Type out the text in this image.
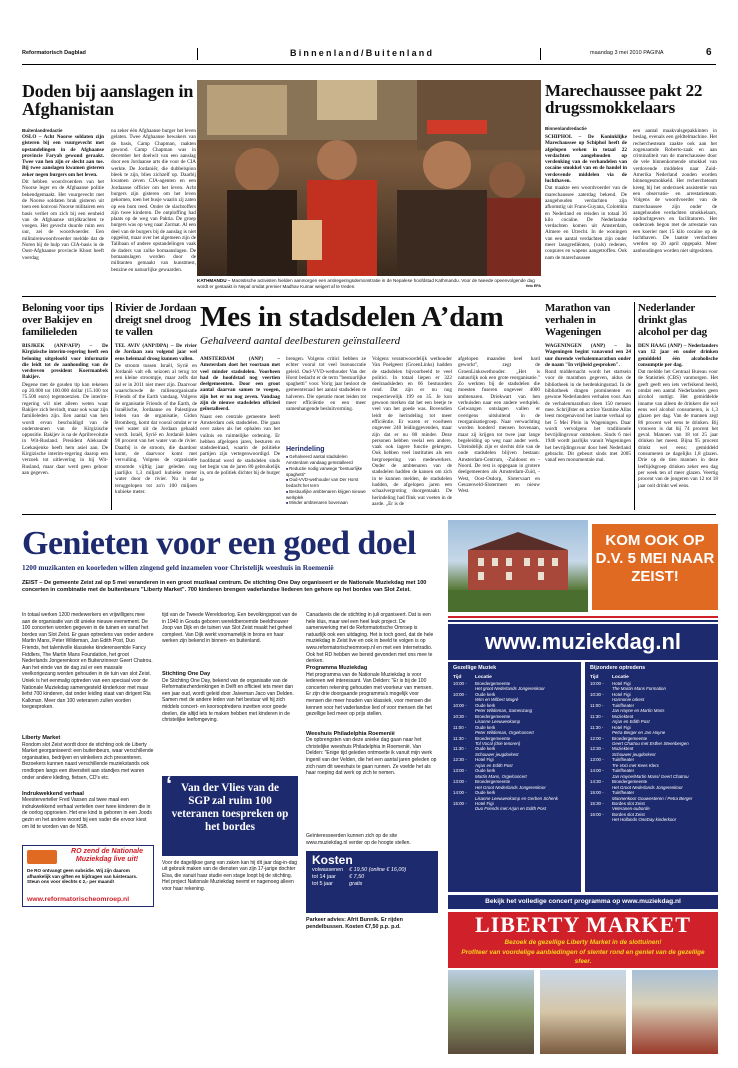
Reformatorisch Dagblad	Binnenland/Buitenland	maandag 3 mei 2010 PAGINA	6
Doden bij aanslagen in Afghanistan
Buitenlandredactie

OSLO – Acht Noorse soldaten zijn gisteren bij een vuurgevecht met opstandelingen in de Afghaanse provincie Faryab gewond geraakt. Twee van hen zijn er slecht aan toe. Bij twee aanslagen kwamen gisteren zeker negen burgers om het leven.

Dit hebben woordvoerders van het Noorse leger en de Afghaanse politie bekendgemaakt. Het vuurgevecht met de Noorse soldaten brak gisteren uit toen een konvooi Noorse militairen een basis verliet om zich bij een eenheid van de Afghaanse strijdkrachten te voegen. Het gevecht duurde ruim een uur, zei de woordvoerder. Een militairenwoordvoerder meldde dat de Noren bij de hulp van CIA-basis in de Oost-Afghaanse provincie Khost heeft voerdag

na zeker één Afghaanse burger het leven gelaten. Twee Afghaanse bewakers van de basis, Camp Chapman, raakten gewond. Camp Chapman was in december het doelwit van een aanslag door een Jordaanse arts die voor de CIA werkte. De Jordaniër, die dubbelspion bleek te zijn, blies zichzelf op. Daarbij kwamen zeven CIA-agenten en een Jordaanse officier om het leven. Acht burgers zijn gisteren om het leven gekomen, toen het busje waarin zij zaten op een bom reed. Onder de slachtoffers zijn twee kinderen. De ontploffing had plaats op de weg van Paktia. De groep burgers was op weg naar Zormat. Al een deel van de burgers bij de aanslag is niet opgeëist, maar over het algemeen zijn de Talibaan of andere opstandelingen vaak de daders van zulke bomaanslagen. De bomaanslagen worden door de militanten gemaakt van kunstmest, benzine en natuurlijke gewaarden.

KATHMANDU – Maoïstische activisten hielden aanmorgen een antiregeringsdemonstratie in de Nepalese hoofdstad Kathmandu. Voor de tweede opeenvolgende dag wordt er gestaakt in Nepal omdat premier Madhav Kumar weigert af te treden.	foto EPA
Marechaussee pakt 22 drugssmokkelaars
Binnenlandredactie

SCHIPHOL – De Koninklijke Marechaussee op Schiphol heeft de afgelopen weken in totaal 22 verdachten aangehouden op verdenking van de verhandelen van cocaïne smokkel van en de handel in verdovende middelen via de luchthaven.

Dat maakte een woordvoerder van de marechaussee zaterdag bekend. De aangehouden verdachten zijn afkomstig uit Frans-Guyana, Colombia en Nederland en reisden in totaal 36 kilo cocaïne. De Nederlandse verdachten komen uit Amsterdam, Almere en Utrecht. In de woningen van een aantal verdachten zijn onder meer lasogrediënten, (vals) redenen, coupures en wapens aangetroffen. Ook nam de marechaussee

een aantal maakvalsgepakkinten in beslag, evenals een geldtelmachine. Het recherchesteam zaakte ook aan het zogenaamde Roberto-zaak en aan criminaliteit van de marechaussee door de vele binnenkomende smokkel van verdovende middelen naar Zuid-Amerika Nederland zouden worden binnengesmokkeld. Het rechercheteam kreeg bij het onderzoek assistentie van een observatie- en arrestatieteam. Volgens de woordvoerder van de marechaussee zijn onder de aangehouden verdachten smokkelaars, opdrachtgevers en facilitatoren. Het onderzoek begon met de arrestatie van een koerier met 15 kilo cocaïne op de luchthaven. De laatste verdachten werden op 20 april opgepakt. Meer aanhoudingen worden niet uitgesloten.

Beloning voor tips over Bakijev en familieleden

BISJKEK (ANP/AFP) – De Kirgizische interim-regering heeft een beloning uitgeloofd voor informatie die leidt tot de aanhouding van de verdreven president Koermanbek Bakijev.

Degene met de gouden tip kan rekenen op 20.000 tot 100.000 dollar (15.100 tot 75.500 euro) tegemoetzien. De interim-regering wil niet alleen weten waar Bakijev zich bevindt, maar ook waar zijn familieleden zijn. Een aantal van hen wordt ervan beschuldigd van de ondersteunen van de Kirgizische oppositie. Bakijev is na de Aprilrevolutie in Wit-Rusland. President Aleksandr Loekasjenko heeft hem asiel aan. De Kirgizische interim-regering daarop een verzoek tot uitlevering in bij Wit-Rusland, maar daar werd geen gehoor aan gegeven.

Rivier de Jordaan dreigt snel droog te vallen

TEL AVIV (ANP/DPA) – De rivier de Jordaan zou volgend jaar wel eens helemaal droog kunnen vallen.

De stroom tussen Israël, Syrië en Jordanië valt elk seizoen al terug tot een kleine stroompje, maar zelfs dat zal er in 2011 niet meer zijn. Daarvoor waarschuwde de milieuorganisatie Friends of the Earth vandaag. Volgens de organisatie Friends of the Earth, de Israëlische, Jordaanse en Palestijnse leden van de organisatie, Gidon Bromberg, komt dat vooral omdat er te veel water uit de Jordaan gehaald wordt. Israël, Syrië en Jordanië halen 98 procent van het water van de rivier. Daarbij is de stroom, die daardoor komt, de daarvoor komt met vervuiling. Volgens de organisatie stroomde vijftig jaar geleden nog jaarlijks 1,3 miljard kubieke meter water door de rivier. Nu is dat teruggelopen tot zo'n 100 miljoen kubieke meter.

Mes in stadsdelen A’dam
Gehalveerd aantal deelbesturen geïnstalleerd

AMSTERDAM (ANP) – Amsterdam doet het voortaan met veel minder stadsdelen. Voorheen had de hoofdstad nog veertien deelgemeenten. Door een groot aantal daarvan samen te voegen, zijn het er nu nog zeven. Vandaag zijn de nieuwe stadsdelen officieel geïnstalleerd.

Naast een centrale gemeente heeft Amsterdam ook stadsdelen. Die gaan over zaken als het ophalen van het vuilnis en ruimtelijke ordening. Er hebben afgelopen jaren, besturen en stadsdeelraad, waarin de politieke partijen zijn vertegenwoordigd. De hoofdstad werd de stadsdelen sinds het begin van de jaren 80 gebruikelijk in, om de politiek dichter bij de burger te

brengen. Volgens critici hebben ze echter vooral tot veel bureaucratie geleid. Oud-VVD-wethouder Van der Horst bedacht er de term "bestuurlijke spaghetti" voor. Vorig jaar besloot de gemeenteraad het aantal stadsdelen te halveren. Die operatie moet leiden tot meer efficiëntie en een meer samenhangende besluitvorming.

Herindeling
■ Gehalveerd aantal stadsdelen Amsterdam vandaag geïnstalleerd
■ Reductie nodig vanwege "bestuurlijke spaghetti"
■ Oud-VVD-wethouder van Der Horst bedacht het term
■ Bestuurlijke ambtenaren krijgen nieuwe werkplek
■ Minder ambtenaren bovenaan

Volgens verantwoordelijk wethouder Van Poelgeest (GroenLinks) hadden de stadsdelen bijvoorbeeld te veel politici. In totaal liepen er 322 deelraadsleden en 66 bestuurders rond. Dat zijn er nu nog respectievelijk 199 en 35. Je kon gewoon merken dat het een beetje te veel van het goede was. Bovendien leidt de herindeling tot meer efficiëntie. Er waren er voorheen ongeveer 240 leidinggevenden, maar zijn dat er nu 80 minder. Deze personen hebben veelal een andere, vaak ook lagere functie gekregen. Ook hebben veel instituties als een hergroepering van medewerkers. Onder de ambtenaren van de stadsdelen hadden de kansen om zich in te kunnen melden, de stadsdelen hadden, de afgelopen jaren een schaalvergroting doorgemaakt. De herindeling had flink wat voeten in de aarde. „Er is de

afgelopen maanden heel hard geworkt", zegt de GroenLinkswethouder. „Het is natuurlijk ook een grote reorganisatie." Zo werkten bij de stadsdelen die moesten fuseren ongeveer 4000 ambtenaren. Driekwart van hen verhuisden naar een andere werkplek. Gelwangen ontslagen vallen er overigens uitsluitend in de reorganisatiegroep. Naar verwachting worden honderd mensen bovenaan, maar zij krijgen tot twee jaar lange begeleiding op weg naar ander werk. Uiteindelijk zijn er slechts drie van de oude stadsdelen blijven bestaan: Amsterdam-Centrum, -Zuidoost en -Noord. De rest is opgegaan in grotere deelgemeenten als Amsterdam-Zuid, -West, Oost-Osdorp, Slotervaart en Geuzenveld-Slotermeer en nieuw West.

Marathon van verhalen in Wageningen

WAGENINGEN (ANP) – In Wageningen begint vanavond een 24 uur durende verhalenmarathon onder de naam "In vrijheid gesproken".

Rond middernacht wordt het startsein voor de marathon gegeven, aldus de bibliotheek in de herdenkingsstad. In de bibliotheek dragen prominenten en gewone Nederlanders verhalen voor. Aan de verhalenmarathon doen 150 mensen mee. Schrijfster en actrice Yasmine Allas leest morgenavond het laatste verhaal op het 5 Mei Plein in Wageningen. Daar wordt vervolgens het traditionele bevrijdingsvuur ontstoken. Sinds 6 mei 1946 wordt jaarlijks vanuit Wageningen het bevrijdingsvuur door heel Nederland gebracht. Dit gebeurt sinds met 2005 vanaf een monumentale mal.

Nederlander drinkt glas alcohol per dag

DEN HAAG (ANP) – Nederlanders van 12 jaar en ouder drinken gemiddeld één alcoholische consumptie per dag.

Dat meldde het Centraal Bureau voor de Statistiek (CBS) vanmorgen. Het geeft geeft een iets verfeikend beeld, omdat een aantal Nederlanders geen alcohol nuttigt. Het gemiddelde inname van alleen de drinkers die wel eens wel alcohol consumeren, is 1,3 glazen per dag. Van de mannen zegt 86 procent wel eens te drinken. Bij vrouwen is dat bij 74 procent het geval. Mannen van 18 tot 25 jaar drinken het meest. Bijna 95 procent drinkt wel eens; gemiddeld consumeren ze dagelijks 1,8 glazen. Drie op de tien mannen in deze leeftijdsgroep drinken zeker een dag per week ten of meer glazen. Veertig procent van de jongeren van 12 tot 18 jaar ooit drinkt wel eens.

Genieten voor een goed doel
1200 muzikanten en koorleden willen zingend geld inzamelen voor Christelijk weeshuis in Roemenië
ZEIST – De gemeente Zeist zal op 5 mei veranderen in een groot muzikaal centrum. De stichting One Day organiseert er de Nationale Muziekdag met 100 concerten in combinatie met de buitenbeurs "Liberty Market". 700 kinderen brengen vaderlandse liederen ten gehore op het bordes van Slot Zeist.

In totaal werken 1200 medewerkers en vrijwilligers mee aan de organisatie van dit unieke nieuwe evenement. De 100 concerten worden gegeven in de tuinen en vanaf het bordes van Slot Zeist. Er gaan optredens van onder andere Martin Mans, Peter Wildeman, Jan Edith Post, Duo Friends, het talentvolle klassieke kinderensemble Fancy Fiddlers, The Martin Mans Foundation, het groot Nederlands Jongerenkoor en Buitenzinnezr Geert Chatrou. Aan het einde van de dag zal er een massale veelkorigezang worden gehouden in de tuin van slot Zeist. Uniek is het eenmalig optreden van een speciaal voor de Nationale Muziekdag samengesteld kinderkoor met maar liefst 700 kinderen, dat onder leiding staat van dirigent Ria Kalkman. Meer dan 100 veteranen zullen worden toegesproken.

Liberty Market

Rondom slot Zeist wordt door de stichting ook de Liberty Market georganiseerd: een buitenbeurs, waar verschillende organisaties, bedrijven en winkeliers zich presenteren. Bezoekers kunnen naast verschillende muziekstands ook rondlopen langs een diversiteit aan standjes met waren onder andere kleding, fietsen, CD's etc.

Indrukwekkend verhaal

Meesterverteller Fred Vassen zal twee maal een indrukwekkend verhaal vertellen over twee kinderen die in de oorlog opgroeien. Het ene kind is geboren in een Joods gezin en het andere woord bij een vader die ervoor kiest om lid te worden van de NSB.

RO zend de Nationale Muziekdag live uit!
De RO ontvangt geen subsidie. Wij zijn daarom afhankelijk van giften en bijdragen van luisteraars. Steun ons voor slechts € 2,- per maand!
www.reformatorischeomroep.nl

tijd van de Tweede Wereldoorlog. Een bevolkingspost van de in 1940 in Gouda geboren wereldberoemde beeldhouwer Joop van Dijk en de tuinen van Slot Zeist maakt het geheel compleet. Van Dijk werkt voornamelijk in brons en haar werken zijn bekend in binnen- en buitenland.

Stichting One Day

De Stichting One Day, bekend van de organisatie van de Reformatiezherdenkingen in Delft en officieel iets meer dan een jaar oud, wordt geleid door Jaiveman Jaco van Delden. Samen met de andere leden van het bestuur wil hij zich middels concert- en koorsoptredens inzetten voor goede doelen, die altijd iets te maken hebben met kinderen in de christelijke leefomgeving.

‘ Van der Vlies van de SGP zal ruim 100 veteranen toespreken op het bordes

Voor de dagelijkse gang van zaken kan hij dit jaar dag-in-dag uit gebruik maken van de diensten van zijn 17-jarige dochter Elsa, die vanuit haar studie een stage loopt bij de stichting. Het project Nationale Muziekdag neemt er nagenoeg alleen voor haar rekening.

Canadareis die de stichting in juli organiseert. Dat is een hele klus, maar wel een heel leuk project. De samenwerking met de Reformatorische Omroep is natuurlijk ook een uitdaging. Het is toch goed, dat de hele muziekdag in Zeist live en ook in beeld te volgen is op www.reformatorischeomroep.nl en met een Internetradio. Ook het RD hebben we bereid gevonden met ons mee te denken.

Programma Muziekdag

Het programma van de Nationale Muziekdag is voor iedereen wel interessant. Van Delden: "Er is bij de 100 concerten rekening gehouden met voorkeur van mensen. Er zijn drie doorgaande programma's mogelijk voor mensen die meer houden van klassiek, voor mensen die kennen voor het vaderlandse lied of voor mensen die het gezellige lied meer op prijs stellen.

Weeshuis Philadelphia Roemenië

De opbrengsten van deze unieke dag gaan naar het christelijke weeshuis Philadelphia in Roemenië. Van Delden: "Enige tijd geleden ontmoette ik vanuit mijn werk ingenil van der Velden, die het een aantal jaren geleden op zich nam dit weeshuis te gaan runnen. Ze voelde het als haar roeping dat werk op zich te nemen.

Geïnteresseerden kunnen zich op de site www.muziekdag.nl verder op de hoogte stellen.

Kosten
volwassenen	€ 19,50 (online € 16,00)
tot 14 jaar	€ 7,50
tot 5 jaar	gratis
Parkeer advies: Afrit Bunnik. Er rijden pendelbussen. Kosten €7,50 p.p. p.d.
KOM OOK OP D.V. 5 MEI NAAR ZEIST!
www.muziekdag.nl
Gezellige Muziek
Tijd	Locatie
10:00 - Broedergemeente
Het groot Nederlands Jongerenkoor
10:00 - Oude kerk
Wim en Wilbert Magré
10:00 - Oude kerk
Peter Wildeman, Samenzang
10:30 - Broedergemeente
Lisanne Leeuwenkamp
11:00 - Oude kerk
Peter Wildeman, Orgelconcert
11:30 - Broedergemeente
Tol Vocal (drie tenoren)
11:30 - Oude kerk
Schouwer jeugdorkest
12:30 - Hotel Figi
Arjan en Edith Post
13:00 - Oude kerk
Martin Mans, Orgelconcert
13:00 - Broedergemeente
Het Groot Nederlands Jongerenkoor
14:00 - Oude kerk
Lisanne Leeuwenkamp en Gerben Schenk
15:00 - Hotel Figi
Duo Friends met Arjan en Edith Post
Bijzondere optredens
Tijd	Locatie
10:00 - Hotel Figi
The Martin Mans Formation
10:30 - Hotel Figi
Harmonie orkest
11:00 - Tuinfheater
Jan Hayne en Martin Mans
11:30 - Muziektent
Arjan en Edith Post
11:30 - Hotel Figi
Petra Berger en Jan Hayne
12:00 - Broedergemeente
Geert Chatrou met Esther Steenbergen
12:30 - Muziektent
Schouwer jeugdorkest
13:00 - Tuinfheater
Tre Voci met Kees Klerx
14:00 - Tuinfheater
Jan Hayne/Martin Mans/ Geert Chatrou
14:30 - Broedergemeente
Het Groot Nederlands Jongerenkoor
15:00 - Tuinfheater
Mannenkoor Gouwesteren / Petra Berger
15:30 - Bordes slot Zeist
Veteranen-ouborde
16:00 - Bordes slot Zeist
Het Hollands OneDay kinderkoor
Bekijk het volledige concert programma op www.muziekdag.nl
LIBERTY MARKET
Bezoek de gezellige Liberty Market in de slottuinen!
Profiteer van voordelige aanbiedingen of slenter rond en geniet van de gezellige sfeer.
